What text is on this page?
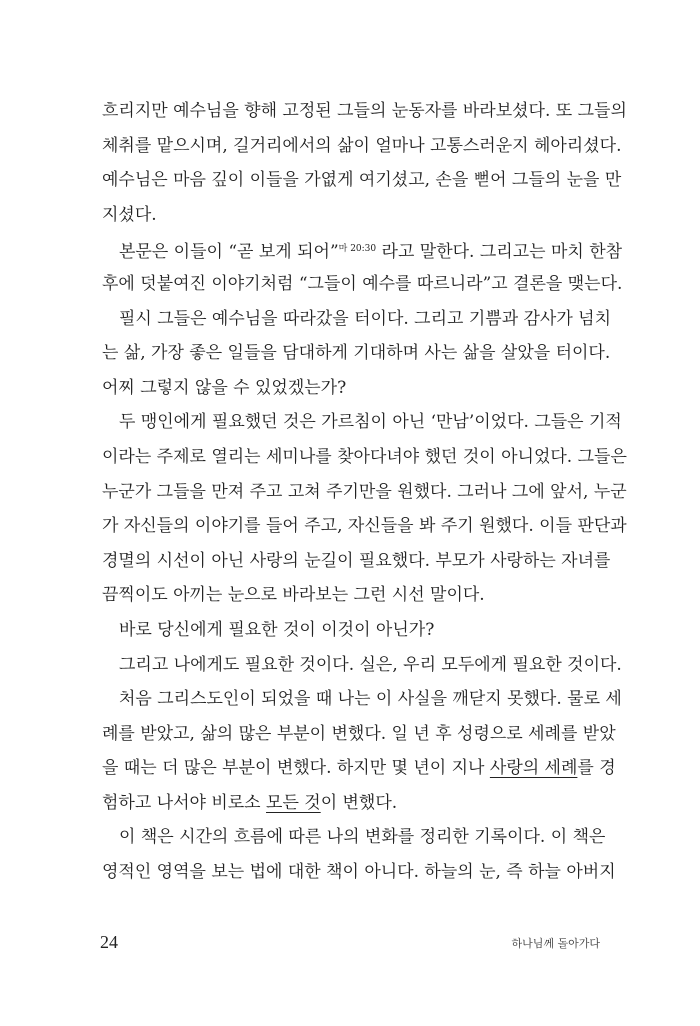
흐리지만 예수님을 향해 고정된 그들의 눈동자를 바라보셨다. 또 그들의
체취를 맡으시며, 길거리에서의 삶이 얼마나 고통스러운지 헤아리셨다.
예수님은 마음 깊이 이들을 가엾게 여기셨고, 손을 뻗어 그들의 눈을 만
지셨다.
본문은 이들이 “곧 보게 되어”$^{마 20:30}$ 라고 말한다. 그리고는 마치 한참
후에 덧붙여진 이야기처럼 “그들이 예수를 따르니라”고 결론을 맺는다.
필시 그들은 예수님을 따라갔을 터이다. 그리고 기쁨과 감사가 넘치
는 삶, 가장 좋은 일들을 담대하게 기대하며 사는 삶을 살았을 터이다.
어찌 그렇지 않을 수 있었겠는가?
두 맹인에게 필요했던 것은 가르침이 아닌 ‘만남’이었다. 그들은 기적
이라는 주제로 열리는 세미나를 찾아다녀야 했던 것이 아니었다. 그들은
누군가 그들을 만져 주고 고쳐 주기만을 원했다. 그러나 그에 앞서, 누군
가 자신들의 이야기를 들어 주고, 자신들을 봐 주기 원했다. 이들 판단과
경멸의 시선이 아닌 사랑의 눈길이 필요했다. 부모가 사랑하는 자녀를
끔찍이도 아끼는 눈으로 바라보는 그런 시선 말이다.
바로 당신에게 필요한 것이 이것이 아닌가?
그리고 나에게도 필요한 것이다. 실은, 우리 모두에게 필요한 것이다.
처음 그리스도인이 되었을 때 나는 이 사실을 깨닫지 못했다. 물로 세
례를 받았고, 삶의 많은 부분이 변했다. 일 년 후 성령으로 세례를 받았
을 때는 더 많은 부분이 변했다. 하지만 몇 년이 지나 사랑의 세례를 경
험하고 나서야 비로소 모든 것이 변했다.
이 책은 시간의 흐름에 따른 나의 변화를 정리한 기록이다. 이 책은
영적인 영역을 보는 법에 대한 책이 아니다. 하늘의 눈, 즉 하늘 아버지
24	하나님께 돌아가다
